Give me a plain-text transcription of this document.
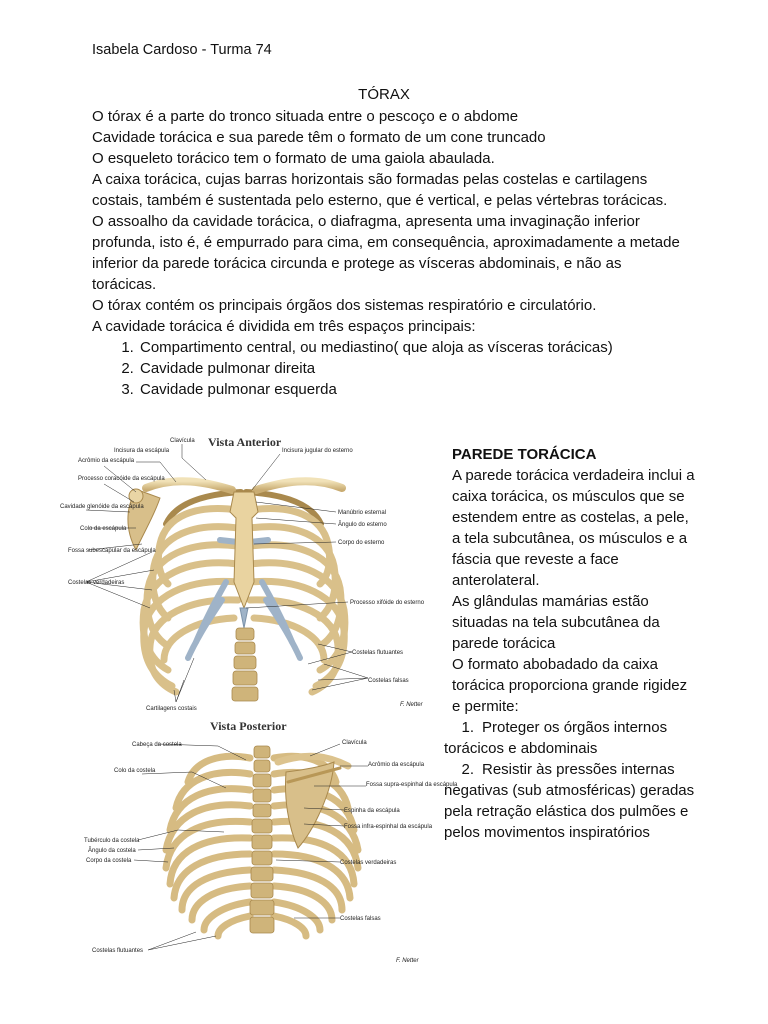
Isabela Cardoso - Turma 74
TÓRAX

O tórax é a parte do tronco situada entre o pescoço e o abdome

Cavidade torácica e sua parede têm o formato de um cone truncado

O esqueleto torácico tem o formato de uma gaiola abaulada.

A caixa torácica, cujas barras horizontais são formadas pelas costelas e cartilagens costais, também é sustentada pelo esterno, que é vertical, e pelas vértebras torácicas.

O assoalho da cavidade torácica, o diafragma, apresenta uma invaginação inferior profunda, isto é, é empurrado para cima, em consequência, aproximadamente a metade inferior da parede torácica circunda e protege as vísceras abdominais, e não as torácicas.

O tórax contém os principais órgãos dos sistemas respiratório e circulatório.

A cavidade torácica é dividida em três espaços principais:

1. Compartimento central, ou mediastino( que aloja as vísceras torácicas)
2. Cavidade pulmonar direita
3. Cavidade pulmonar esquerda
Vista Anterior
Clavícula
Incisura da escápula
Acrômio da escápula
Processo coracóide da escápula
Cavidade glenóide da escápula
Colo da escápula
Fossa subescapular da escápula
Costelas verdadeiras
Incisura jugular do esterno
Manúbrio esternal
Ângulo do esterno
Corpo do esterno
Processo xifóide do esterno
Costelas flutuantes
Costelas falsas
Cartilagens costais
F. Netter
Vista Posterior
Cabeça da costela
Colo da costela
Tubérculo da costela
Ângulo da costela
Corpo da costela
Costelas flutuantes
Clavícula
Acrômio da escápula
Fossa supra-espinhal da escápula
Espinha da escápula
Fossa infra-espinhal da escápula
Costelas verdadeiras
Costelas falsas
F. Netter

PAREDE TORÁCICA

A parede torácica verdadeira inclui a caixa torácica, os músculos que se estendem entre as costelas, a pele, a tela subcutânea, os músculos e a fáscia que reveste a face anterolateral.

As glândulas mamárias estão situadas na tela subcutânea da parede torácica

O formato abobadado da caixa torácica proporciona grande rigidez e permite:

1. Proteger os órgãos internos torácicos e abdominais
2. Resistir às pressões internas negativas (sub atmosféricas) geradas pela retração elástica dos pulmões e pelos movimentos inspiratórios
